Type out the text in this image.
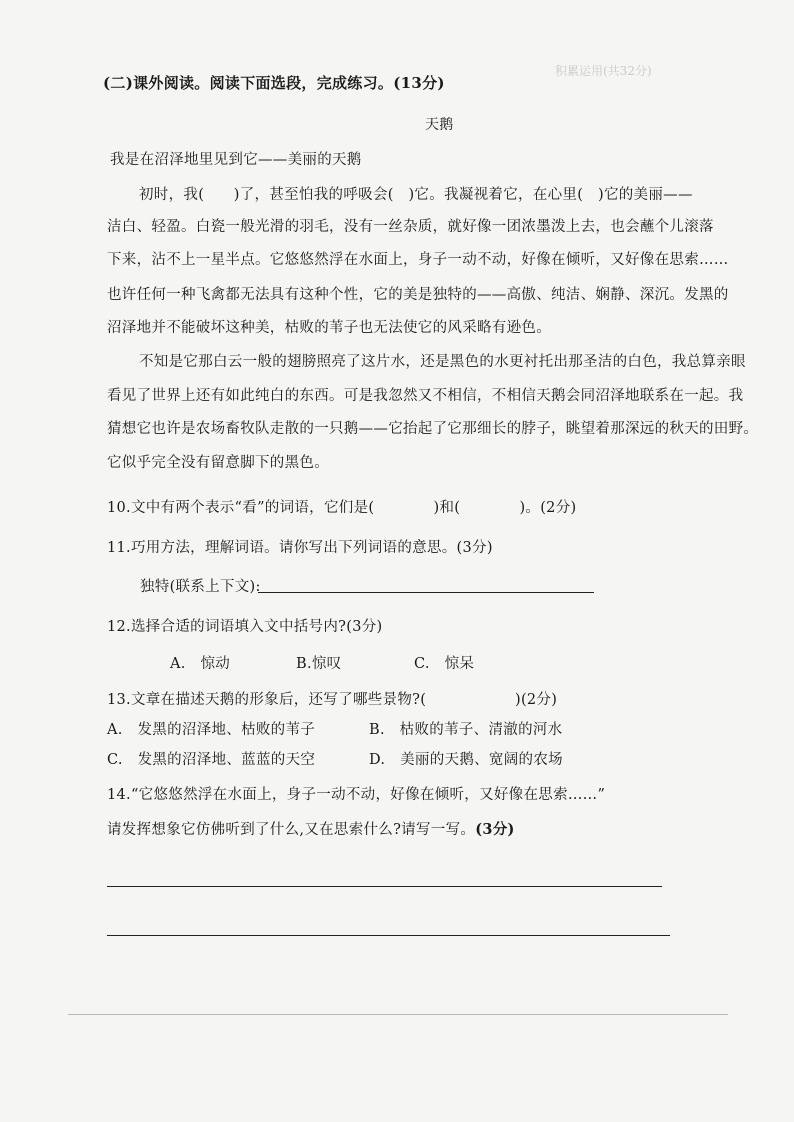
积累运用(共32分)
(二)课外阅读。阅读下面选段，完成练习。(13分)
天鹅
我是在沼泽地里见到它——美丽的天鹅
初时，我(　　)了，甚至怕我的呼吸会(　)它。我凝视着它，在心里(　)它的美丽——
洁白、轻盈。白瓷一般光滑的羽毛，没有一丝杂质，就好像一团浓墨泼上去，也会蘸个儿滚落
下来，沾不上一星半点。它悠悠然浮在水面上，身子一动不动，好像在倾听，又好像在思索……
也许任何一种飞禽都无法具有这种个性，它的美是独特的——高傲、纯洁、娴静、深沉。发黑的
沼泽地并不能破坏这种美，枯败的苇子也无法使它的风采略有逊色。
不知是它那白云一般的翅膀照亮了这片水，还是黑色的水更衬托出那圣洁的白色，我总算亲眼
看见了世界上还有如此纯白的东西。可是我忽然又不相信，不相信天鹅会同沼泽地联系在一起。我
猜想它也许是农场畜牧队走散的一只鹅——它抬起了它那细长的脖子，眺望着那深远的秋天的田野。
它似乎完全没有留意脚下的黑色。
10.文中有两个表示“看”的词语，它们是(　　　　)和(　　　　)。(2分)
11.巧用方法，理解词语。请你写出下列词语的意思。(3分)
独特(联系上下文):
12.选择合适的词语填入文中括号内?(3分)
A.　惊动	B.惊叹	C.　惊呆
13.文章在描述天鹅的形象后，还写了哪些景物?(　　　　　　)(2分)
A.　发黑的沼泽地、枯败的苇子	B.　枯败的苇子、清澈的河水
C.　发黑的沼泽地、蓝蓝的天空	D.　美丽的天鹅、宽阔的农场
14.“它悠悠然浮在水面上，身子一动不动，好像在倾听，又好像在思索……”
请发挥想象它仿佛听到了什么,又在思索什么?请写一写。(3分)
